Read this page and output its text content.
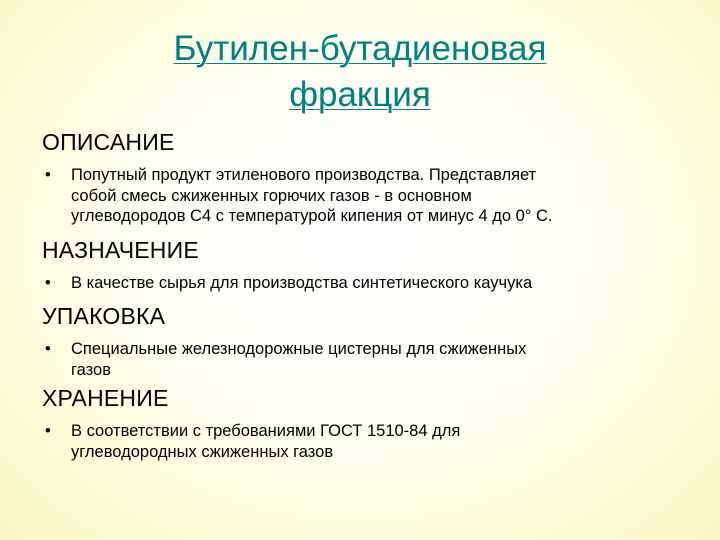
Бутилен-бутадиеновая
фракция
ОПИСАНИЕ
• Попутный продукт этиленового производства. Представляет
собой смесь сжиженных горючих газов - в основном
углеводородов С4 с температурой кипения от минус 4 до 0° С.
НАЗНАЧЕНИЕ
• В качестве сырья для производства синтетического каучука
УПАКОВКА
• Специальные железнодорожные цистерны для сжиженных
газов
ХРАНЕНИЕ
• В соответствии с требованиями ГОСТ 1510-84 для
углеводородных сжиженных газов
